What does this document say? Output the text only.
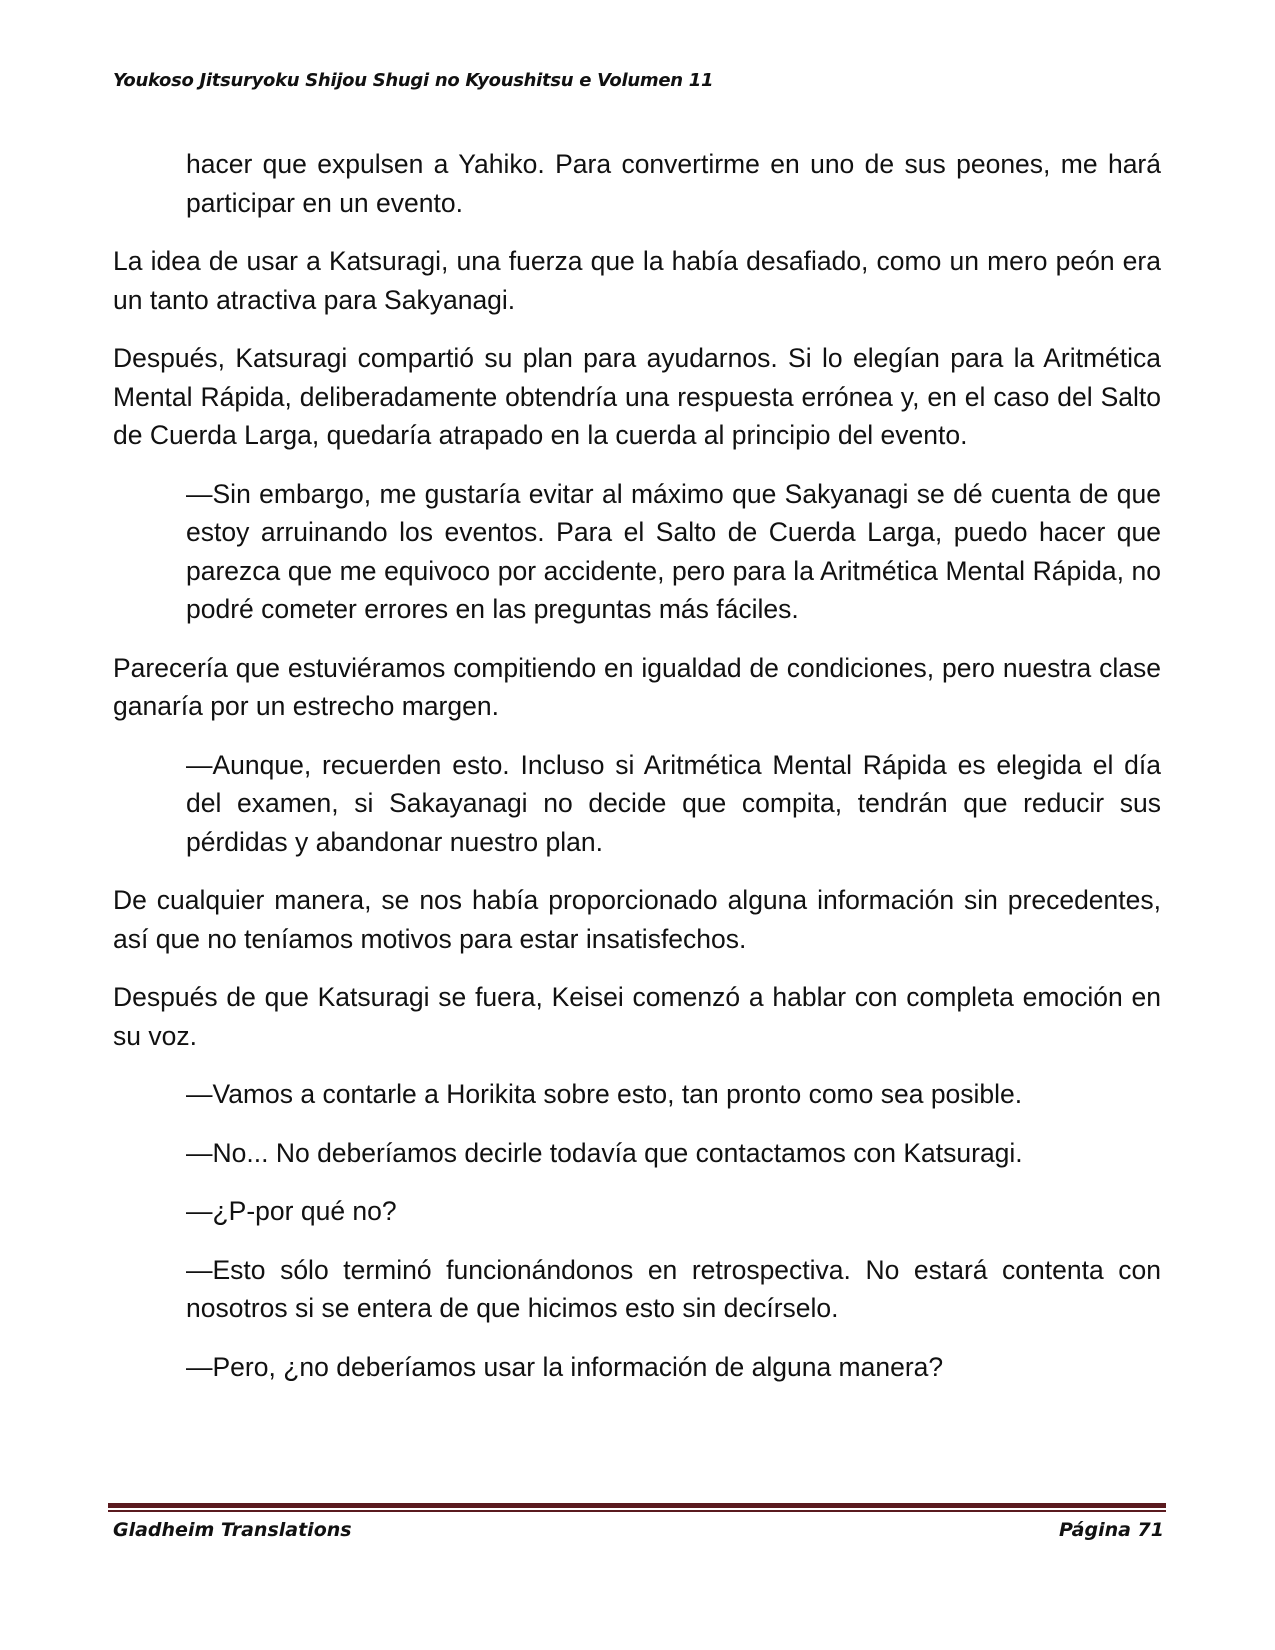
Youkoso Jitsuryoku Shijou Shugi no Kyoushitsu e Volumen 11

hacer que expulsen a Yahiko. Para convertirme en uno de sus peones, me hará participar en un evento.

La idea de usar a Katsuragi, una fuerza que la había desafiado, como un mero peón era un tanto atractiva para Sakyanagi.

Después, Katsuragi compartió su plan para ayudarnos. Si lo elegían para la Aritmética Mental Rápida, deliberadamente obtendría una respuesta errónea y, en el caso del Salto de Cuerda Larga, quedaría atrapado en la cuerda al principio del evento.

—Sin embargo, me gustaría evitar al máximo que Sakyanagi se dé cuenta de que estoy arruinando los eventos. Para el Salto de Cuerda Larga, puedo hacer que parezca que me equivoco por accidente, pero para la Aritmética Mental Rápida, no podré cometer errores en las preguntas más fáciles.

Parecería que estuviéramos compitiendo en igualdad de condiciones, pero nuestra clase ganaría por un estrecho margen.

—Aunque, recuerden esto. Incluso si Aritmética Mental Rápida es elegida el día del examen, si Sakayanagi no decide que compita, tendrán que reducir sus pérdidas y abandonar nuestro plan.

De cualquier manera, se nos había proporcionado alguna información sin precedentes, así que no teníamos motivos para estar insatisfechos.

Después de que Katsuragi se fuera, Keisei comenzó a hablar con completa emoción en su voz.

—Vamos a contarle a Horikita sobre esto, tan pronto como sea posible.

—No... No deberíamos decirle todavía que contactamos con Katsuragi.

—¿P-por qué no?

—Esto sólo terminó funcionándonos en retrospectiva. No estará contenta con nosotros si se entera de que hicimos esto sin decírselo.

—Pero, ¿no deberíamos usar la información de alguna manera?

Gladheim Translations	Página 71
